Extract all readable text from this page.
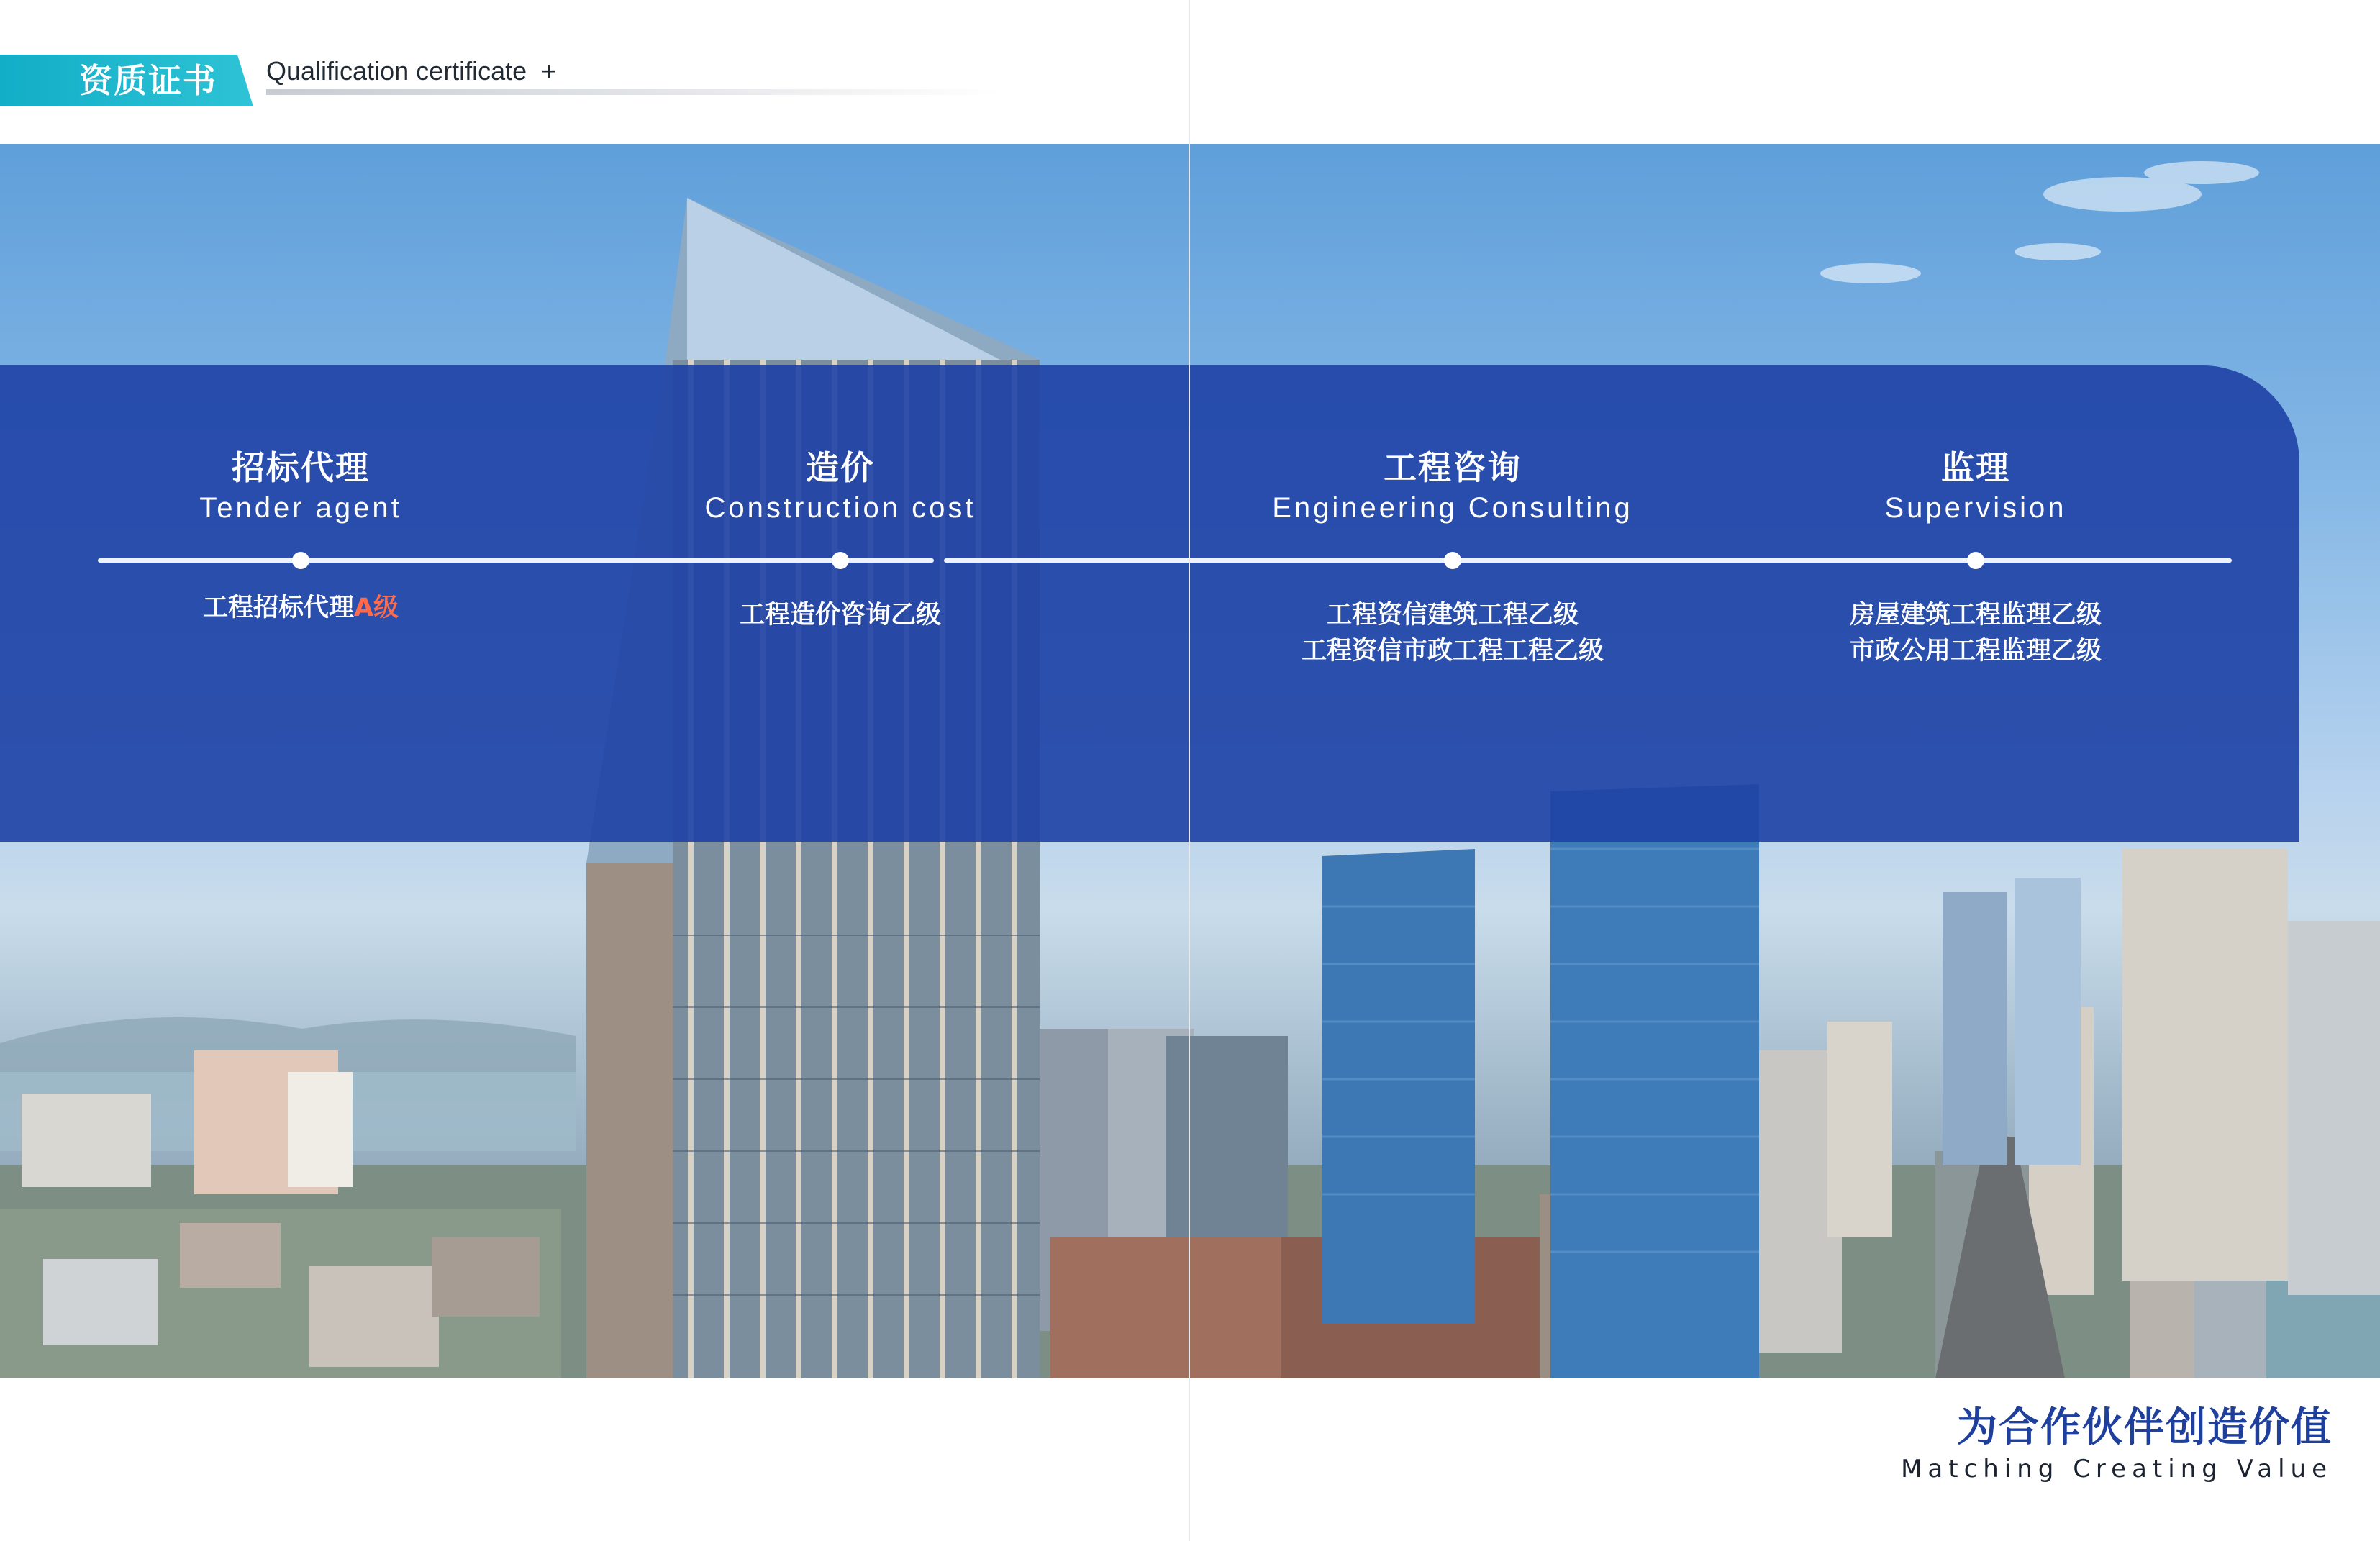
资质证书 Qualification certificate +
招标代理
Tender agent
工程招标代理A级
造价
Construction cost
工程造价咨询乙级
工程咨询
Engineering Consulting
工程资信建筑工程乙级
工程资信市政工程工程乙级
监理
Supervision
房屋建筑工程监理乙级
市政公用工程监理乙级
为合作伙伴创造价值
Matching Creating Value
